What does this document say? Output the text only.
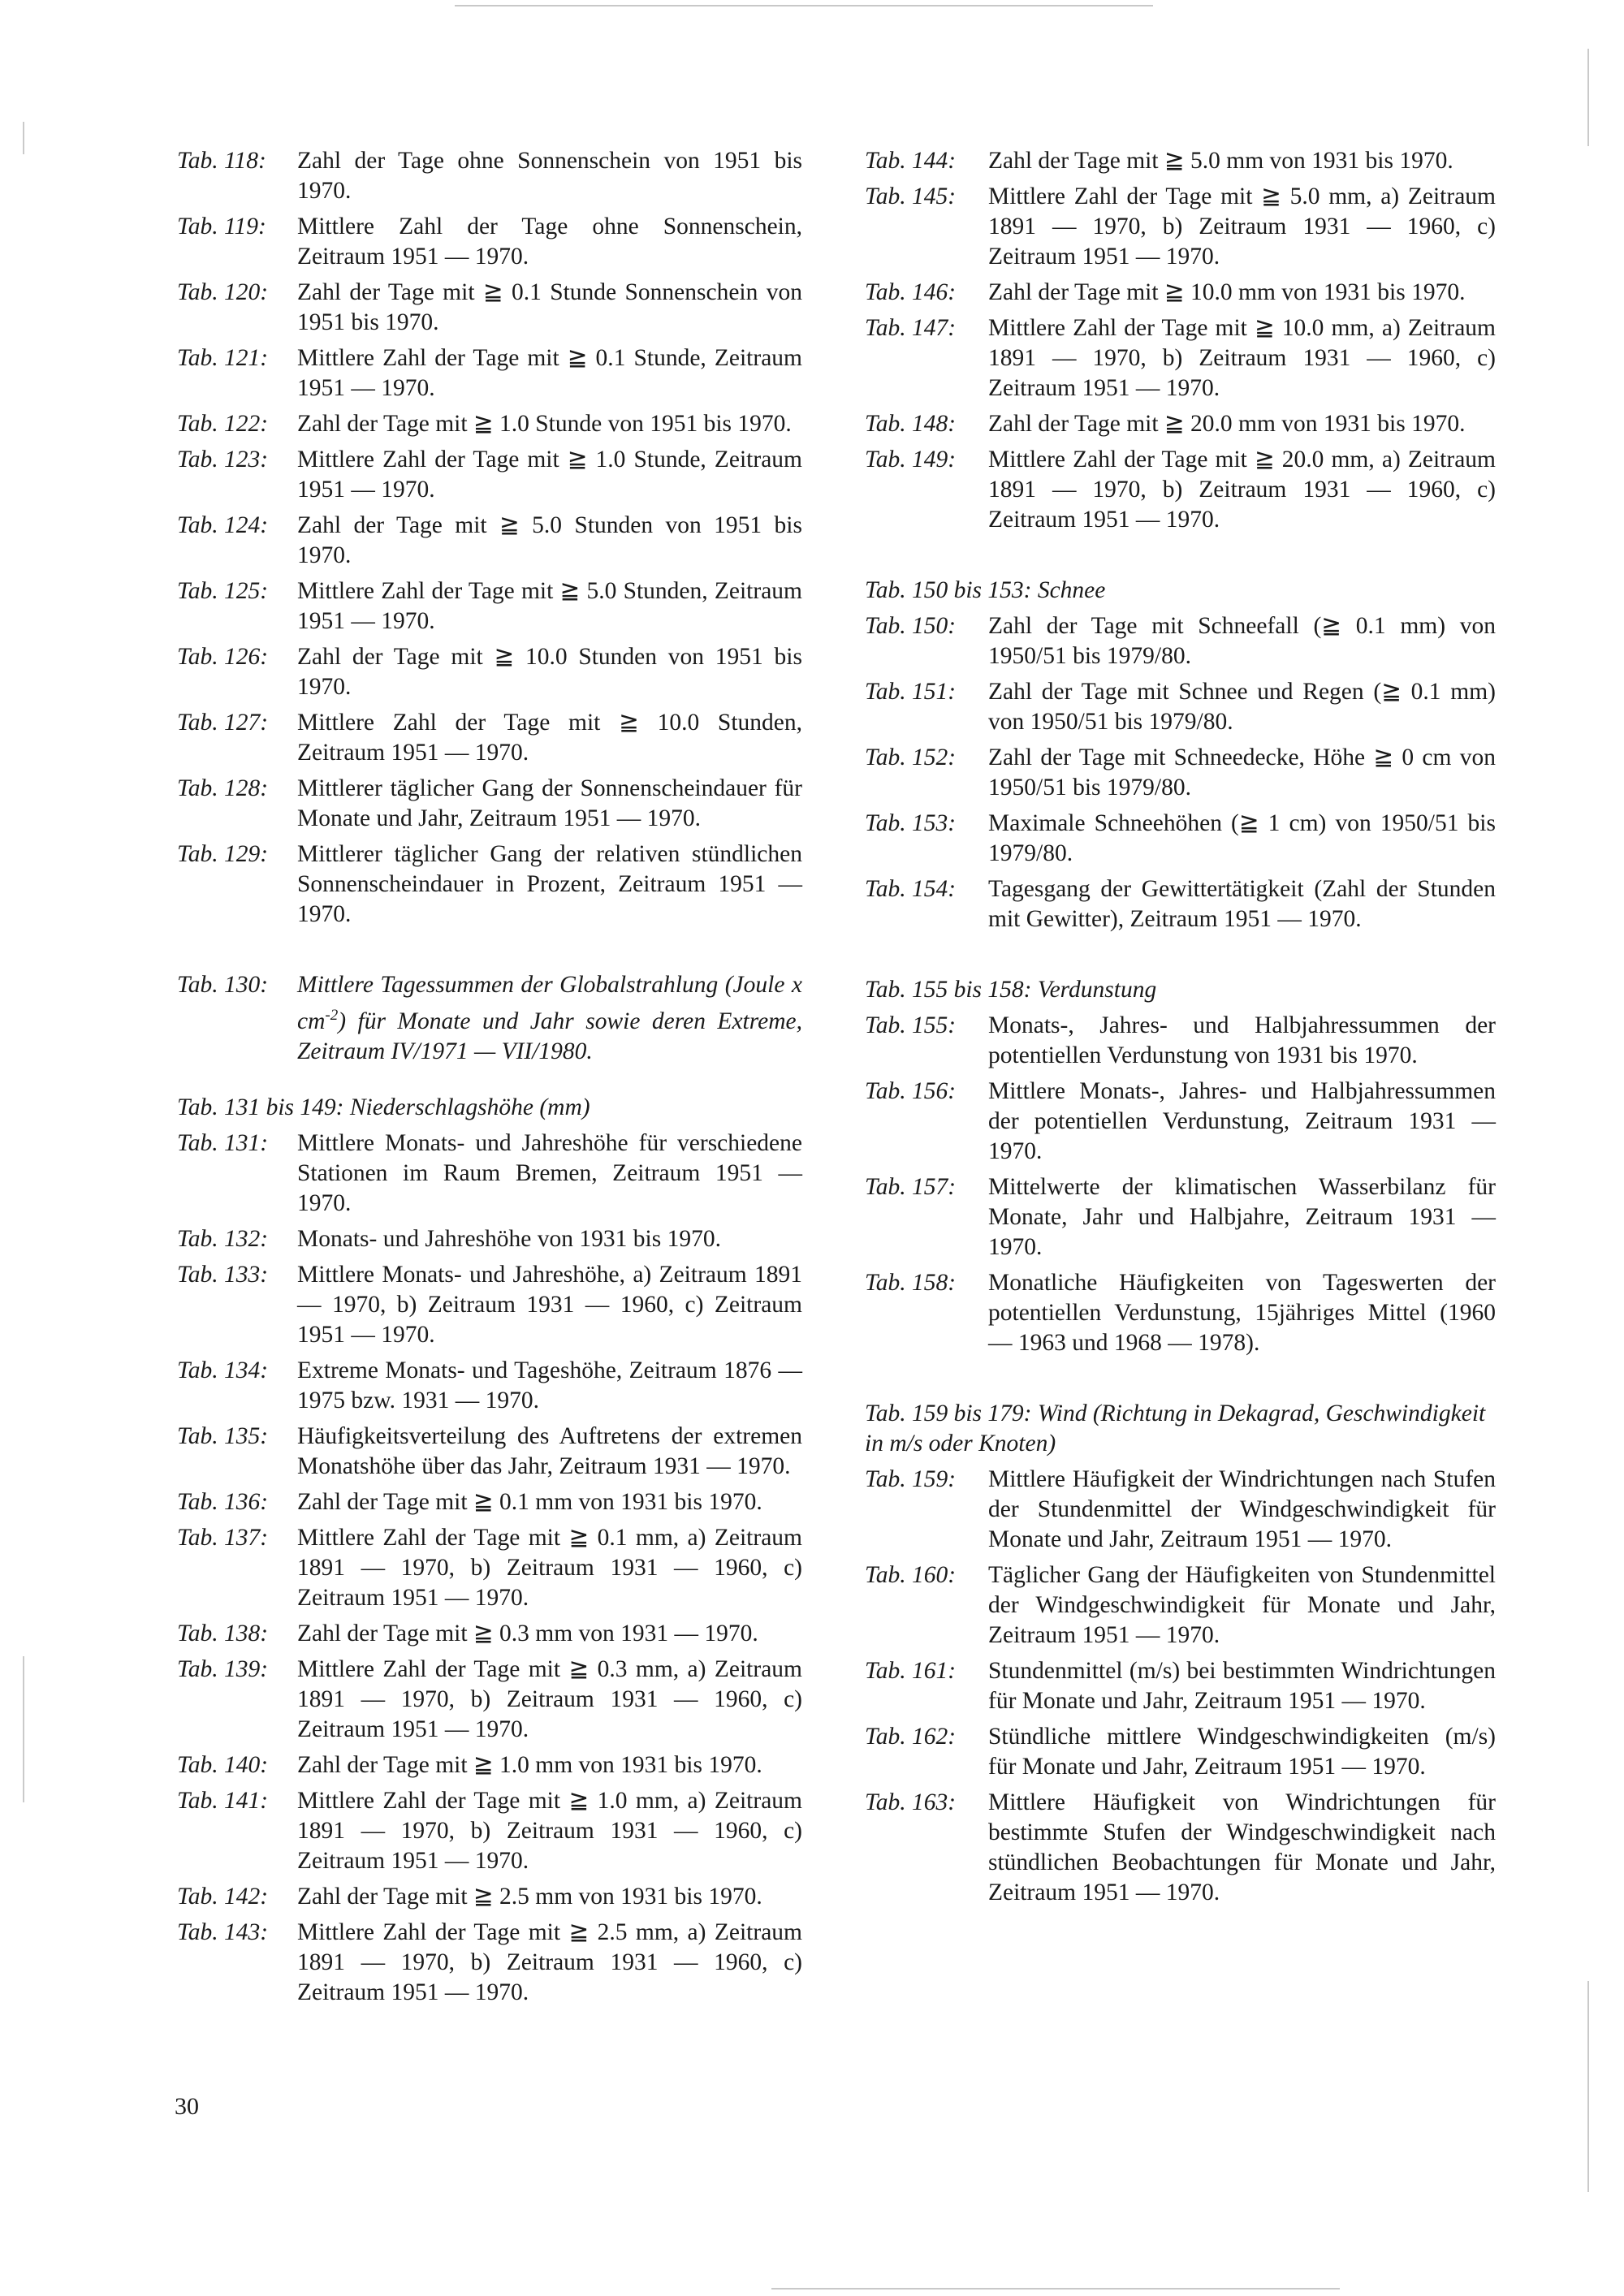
Tab. 118:	Zahl der Tage ohne Sonnenschein von 1951 bis 1970.
Tab. 119:	Mittlere Zahl der Tage ohne Sonnenschein, Zeitraum 1951 — 1970.
Tab. 120:	Zahl der Tage mit ≧ 0.1 Stunde Sonnenschein von 1951 bis 1970.
Tab. 121:	Mittlere Zahl der Tage mit ≧ 0.1 Stunde, Zeitraum 1951 — 1970.
Tab. 122:	Zahl der Tage mit ≧ 1.0 Stunde von 1951 bis 1970.
Tab. 123:	Mittlere Zahl der Tage mit ≧ 1.0 Stunde, Zeitraum 1951 — 1970.
Tab. 124:	Zahl der Tage mit ≧ 5.0 Stunden von 1951 bis 1970.
Tab. 125:	Mittlere Zahl der Tage mit ≧ 5.0 Stunden, Zeitraum 1951 — 1970.
Tab. 126:	Zahl der Tage mit ≧ 10.0 Stunden von 1951 bis 1970.
Tab. 127:	Mittlere Zahl der Tage mit ≧ 10.0 Stunden, Zeitraum 1951 — 1970.
Tab. 128:	Mittlerer täglicher Gang der Sonnenscheindauer für Monate und Jahr, Zeitraum 1951 — 1970.
Tab. 129:	Mittlerer täglicher Gang der relativen stündlichen Sonnenscheindauer in Prozent, Zeitraum 1951 — 1970.
Tab. 130:	Mittlere Tagessummen der Globalstrahlung (Joule x $cm^{-2}$) für Monate und Jahr sowie deren Extreme, Zeitraum IV/1971 — VII/1980.
Tab. 131 bis 149: Niederschlagshöhe (mm)
Tab. 131:	Mittlere Monats- und Jahreshöhe für verschiedene Stationen im Raum Bremen, Zeitraum 1951 — 1970.
Tab. 132:	Monats- und Jahreshöhe von 1931 bis 1970.
Tab. 133:	Mittlere Monats- und Jahreshöhe, a) Zeitraum 1891 — 1970, b) Zeitraum 1931 — 1960, c) Zeitraum 1951 — 1970.
Tab. 134:	Extreme Monats- und Tageshöhe, Zeitraum 1876 — 1975 bzw. 1931 — 1970.
Tab. 135:	Häufigkeitsverteilung des Auftretens der extremen Monatshöhe über das Jahr, Zeitraum 1931 — 1970.
Tab. 136:	Zahl der Tage mit ≧ 0.1 mm von 1931 bis 1970.
Tab. 137:	Mittlere Zahl der Tage mit ≧ 0.1 mm, a) Zeitraum 1891 — 1970, b) Zeitraum 1931 — 1960, c) Zeitraum 1951 — 1970.
Tab. 138:	Zahl der Tage mit ≧ 0.3 mm von 1931 — 1970.
Tab. 139:	Mittlere Zahl der Tage mit ≧ 0.3 mm, a) Zeitraum 1891 — 1970, b) Zeitraum 1931 — 1960, c) Zeitraum 1951 — 1970.
Tab. 140:	Zahl der Tage mit ≧ 1.0 mm von 1931 bis 1970.
Tab. 141:	Mittlere Zahl der Tage mit ≧ 1.0 mm, a) Zeitraum 1891 — 1970, b) Zeitraum 1931 — 1960, c) Zeitraum 1951 — 1970.
Tab. 142:	Zahl der Tage mit ≧ 2.5 mm von 1931 bis 1970.
Tab. 143:	Mittlere Zahl der Tage mit ≧ 2.5 mm, a) Zeitraum 1891 — 1970, b) Zeitraum 1931 — 1960, c) Zeitraum 1951 — 1970.
Tab. 144:	Zahl der Tage mit ≧ 5.0 mm von 1931 bis 1970.
Tab. 145:	Mittlere Zahl der Tage mit ≧ 5.0 mm, a) Zeitraum 1891 — 1970, b) Zeitraum 1931 — 1960, c) Zeitraum 1951 — 1970.
Tab. 146:	Zahl der Tage mit ≧ 10.0 mm von 1931 bis 1970.
Tab. 147:	Mittlere Zahl der Tage mit ≧ 10.0 mm, a) Zeitraum 1891 — 1970, b) Zeitraum 1931 — 1960, c) Zeitraum 1951 — 1970.
Tab. 148:	Zahl der Tage mit ≧ 20.0 mm von 1931 bis 1970.
Tab. 149:	Mittlere Zahl der Tage mit ≧ 20.0 mm, a) Zeitraum 1891 — 1970, b) Zeitraum 1931 — 1960, c) Zeitraum 1951 — 1970.
Tab. 150 bis 153: Schnee
Tab. 150:	Zahl der Tage mit Schneefall (≧ 0.1 mm) von 1950/51 bis 1979/80.
Tab. 151:	Zahl der Tage mit Schnee und Regen (≧ 0.1 mm) von 1950/51 bis 1979/80.
Tab. 152:	Zahl der Tage mit Schneedecke, Höhe ≧ 0 cm von 1950/51 bis 1979/80.
Tab. 153:	Maximale Schneehöhen (≧ 1 cm) von 1950/51 bis 1979/80.
Tab. 154:	Tagesgang der Gewittertätigkeit (Zahl der Stunden mit Gewitter), Zeitraum 1951 — 1970.
Tab. 155 bis 158: Verdunstung
Tab. 155:	Monats-, Jahres- und Halbjahressummen der potentiellen Verdunstung von 1931 bis 1970.
Tab. 156:	Mittlere Monats-, Jahres- und Halbjahressummen der potentiellen Verdunstung, Zeitraum 1931 — 1970.
Tab. 157:	Mittelwerte der klimatischen Wasserbilanz für Monate, Jahr und Halbjahre, Zeitraum 1931 — 1970.
Tab. 158:	Monatliche Häufigkeiten von Tageswerten der potentiellen Verdunstung, 15jähriges Mittel (1960 — 1963 und 1968 — 1978).
Tab. 159 bis 179: Wind (Richtung in Dekagrad, Geschwindigkeit in m/s oder Knoten)
Tab. 159:	Mittlere Häufigkeit der Windrichtungen nach Stufen der Stundenmittel der Windgeschwindigkeit für Monate und Jahr, Zeitraum 1951 — 1970.
Tab. 160:	Täglicher Gang der Häufigkeiten von Stundenmittel der Windgeschwindigkeit für Monate und Jahr, Zeitraum 1951 — 1970.
Tab. 161:	Stundenmittel (m/s) bei bestimmten Windrichtungen für Monate und Jahr, Zeitraum 1951 — 1970.
Tab. 162:	Stündliche mittlere Windgeschwindigkeiten (m/s) für Monate und Jahr, Zeitraum 1951 — 1970.
Tab. 163:	Mittlere Häufigkeit von Windrichtungen für bestimmte Stufen der Windgeschwindigkeit nach stündlichen Beobachtungen für Monate und Jahr, Zeitraum 1951 — 1970.
30
